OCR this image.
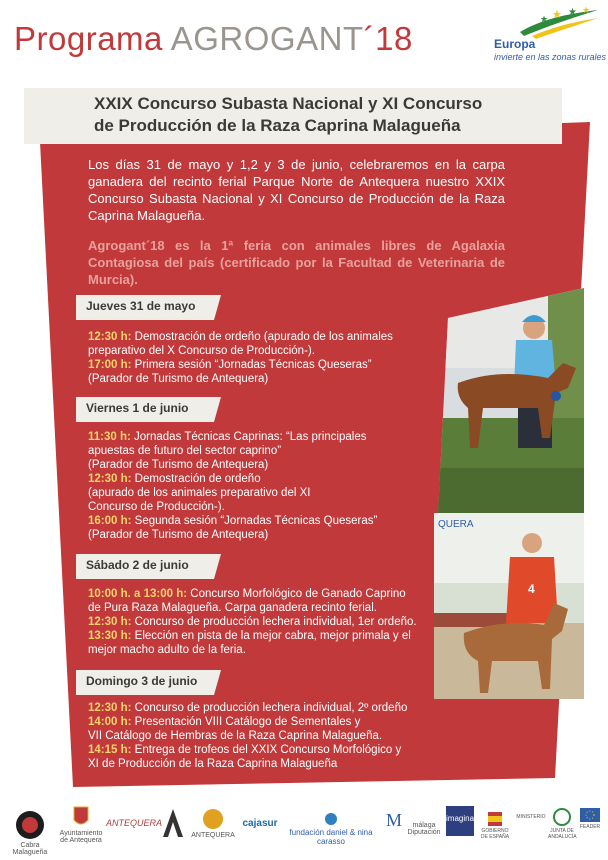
Programa AGROGANT´18
★ ★ ★
★
Europa
invierte en las zonas rurales
XXIX Concurso Subasta Nacional y XI Concurso
de Producción de la Raza Caprina Malagueña
Los días 31 de mayo y 1,2 y 3 de junio, celebraremos en la carpa ganadera del recinto ferial Parque Norte de Antequera nuestro XXIX Concurso Subasta Nacional y XI Concurso de Producción de la Raza Caprina Malagueña.
Agrogant´18 es la 1ª feria con animales libres de Agalaxia Contagiosa del país (certificado por la Facultad de Veterinaria de Murcia).
Jueves 31 de mayo
12:30 h: Demostración de ordeño (apurado de los animales
preparativo del X Concurso de Producción-).
17:00 h: Primera sesión “Jornadas Técnicas Queseras”
(Parador de Turismo de Antequera)
Viernes 1 de junio
11:30 h: Jornadas Técnicas Caprinas: “Las principales
apuestas de futuro del sector caprino”
(Parador de Turismo de Antequera)
12:30 h: Demostración de ordeño
(apurado de los animales preparativo del XI
Concurso de Producción-).
16:00 h: Segunda sesión “Jornadas Técnicas Queseras”
(Parador de Turismo de Antequera)
Sábado 2 de junio
10:00 h. a 13:00 h: Concurso Morfológico de Ganado Caprino
de Pura Raza Malagueña. Carpa ganadera recinto ferial.
12:30 h: Concurso de producción lechera individual, 1er ordeño.
13:30 h: Elección en pista de la mejor cabra, mejor primala y el
mejor macho adulto de la feria.
Domingo 3 de junio
12:30 h: Concurso de producción lechera individual, 2º ordeño
14:00 h: Presentación VIII Catálogo de Sementales y
VII Catálogo de Hembras de la Raza Caprina Malagueña.
14:15 h: Entrega de trofeos del XXIX Concurso Morfológico y
XI de Producción de la Raza Caprina Malagueña
QUERA
4
Cabra Malagueña
Ayuntamiento de Antequera
ANTEQUERA
ANTEQUERA
cajasur
fundación daniel & nina carasso
M	málaga Diputación
imagina
GOBIERNO DE ESPAÑA
MINISTERIO
JUNTA DE ANDALUCÍA
FEADER
